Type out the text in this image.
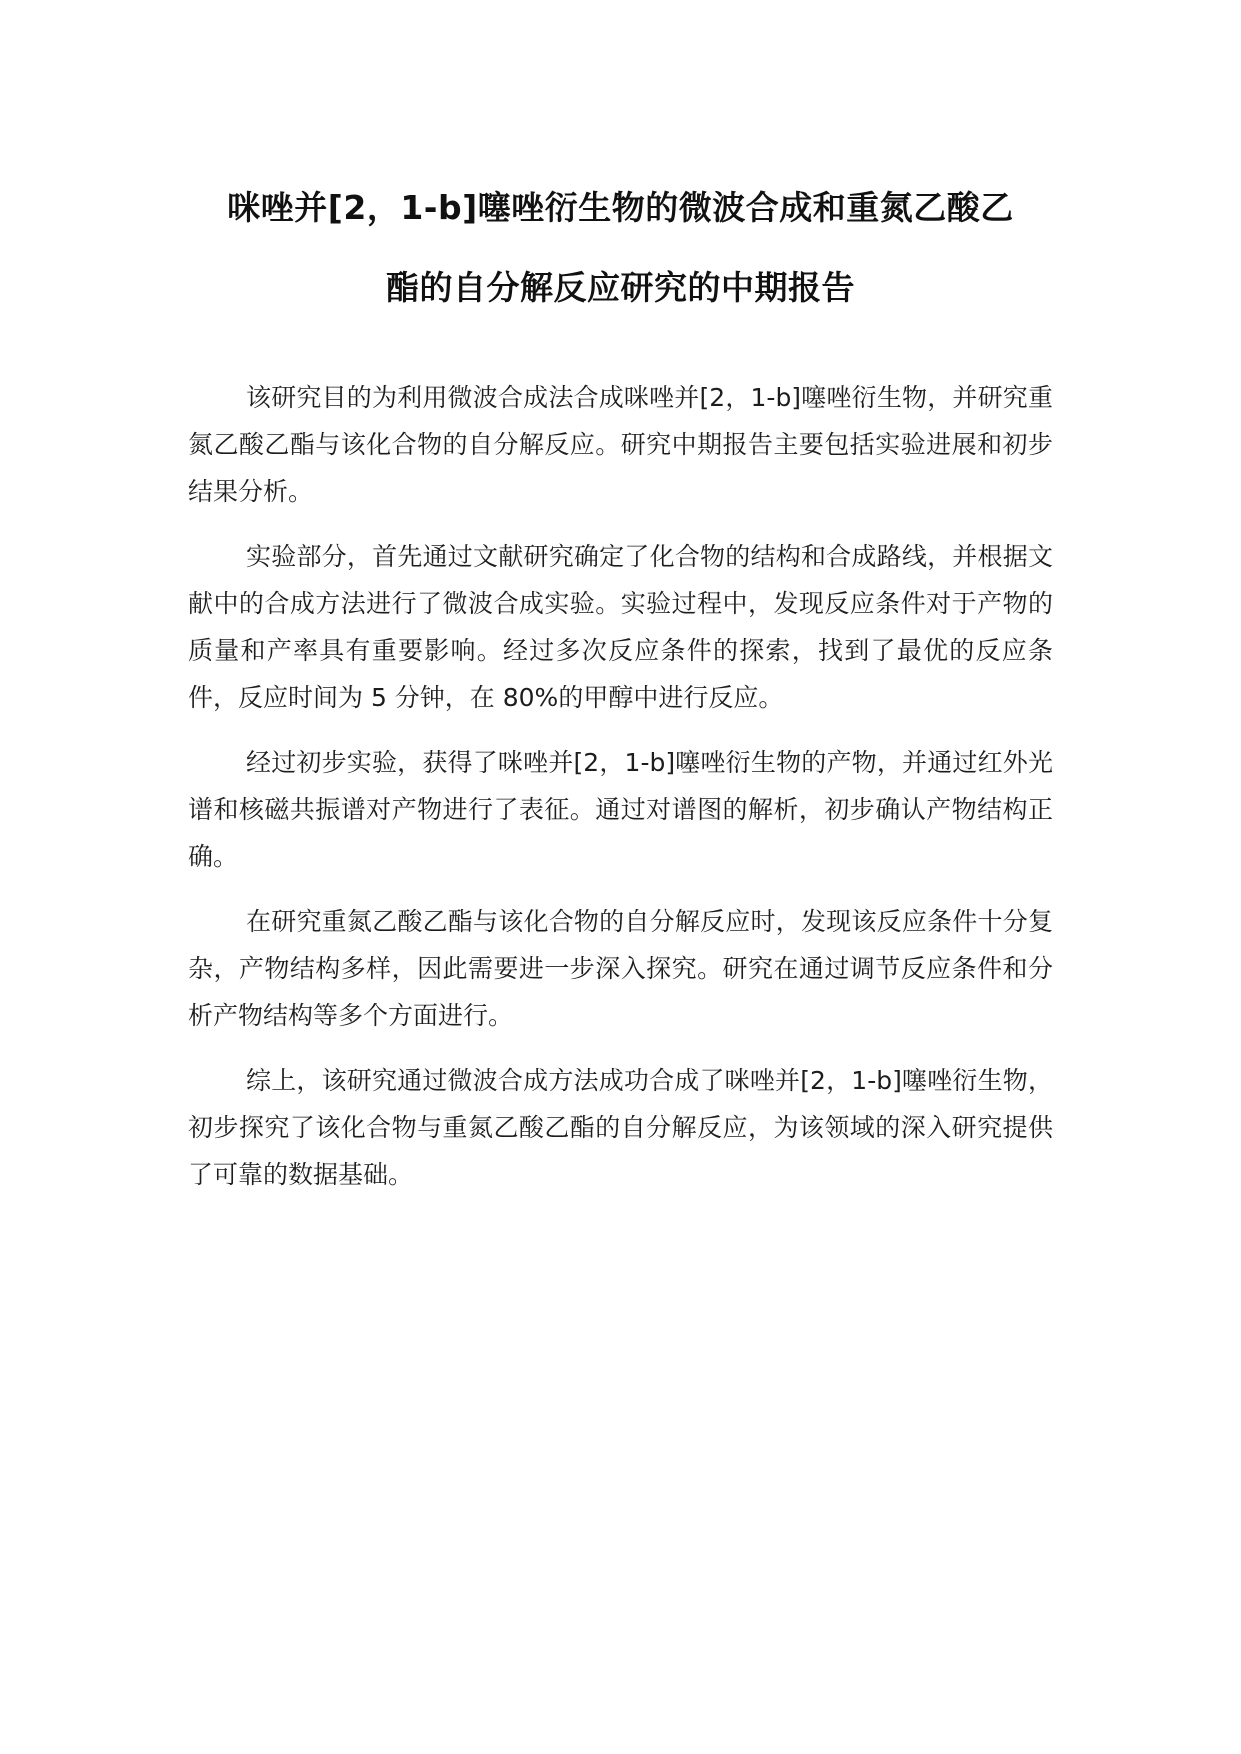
咪唑并[2，1-b]噻唑衍生物的微波合成和重氮乙酸乙
酯的自分解反应研究的中期报告

该研究目的为利用微波合成法合成咪唑并[2，1-b]噻唑衍生物，并研究重氮乙酸乙酯与该化合物的自分解反应。研究中期报告主要包括实验进展和初步结果分析。

实验部分，首先通过文献研究确定了化合物的结构和合成路线，并根据文献中的合成方法进行了微波合成实验。实验过程中，发现反应条件对于产物的质量和产率具有重要影响。经过多次反应条件的探索，找到了最优的反应条件，反应时间为 5 分钟，在 80%的甲醇中进行反应。

经过初步实验，获得了咪唑并[2，1-b]噻唑衍生物的产物，并通过红外光谱和核磁共振谱对产物进行了表征。通过对谱图的解析，初步确认产物结构正确。

在研究重氮乙酸乙酯与该化合物的自分解反应时，发现该反应条件十分复杂，产物结构多样，因此需要进一步深入探究。研究在通过调节反应条件和分析产物结构等多个方面进行。

综上，该研究通过微波合成方法成功合成了咪唑并[2，1-b]噻唑衍生物，初步探究了该化合物与重氮乙酸乙酯的自分解反应，为该领域的深入研究提供了可靠的数据基础。
